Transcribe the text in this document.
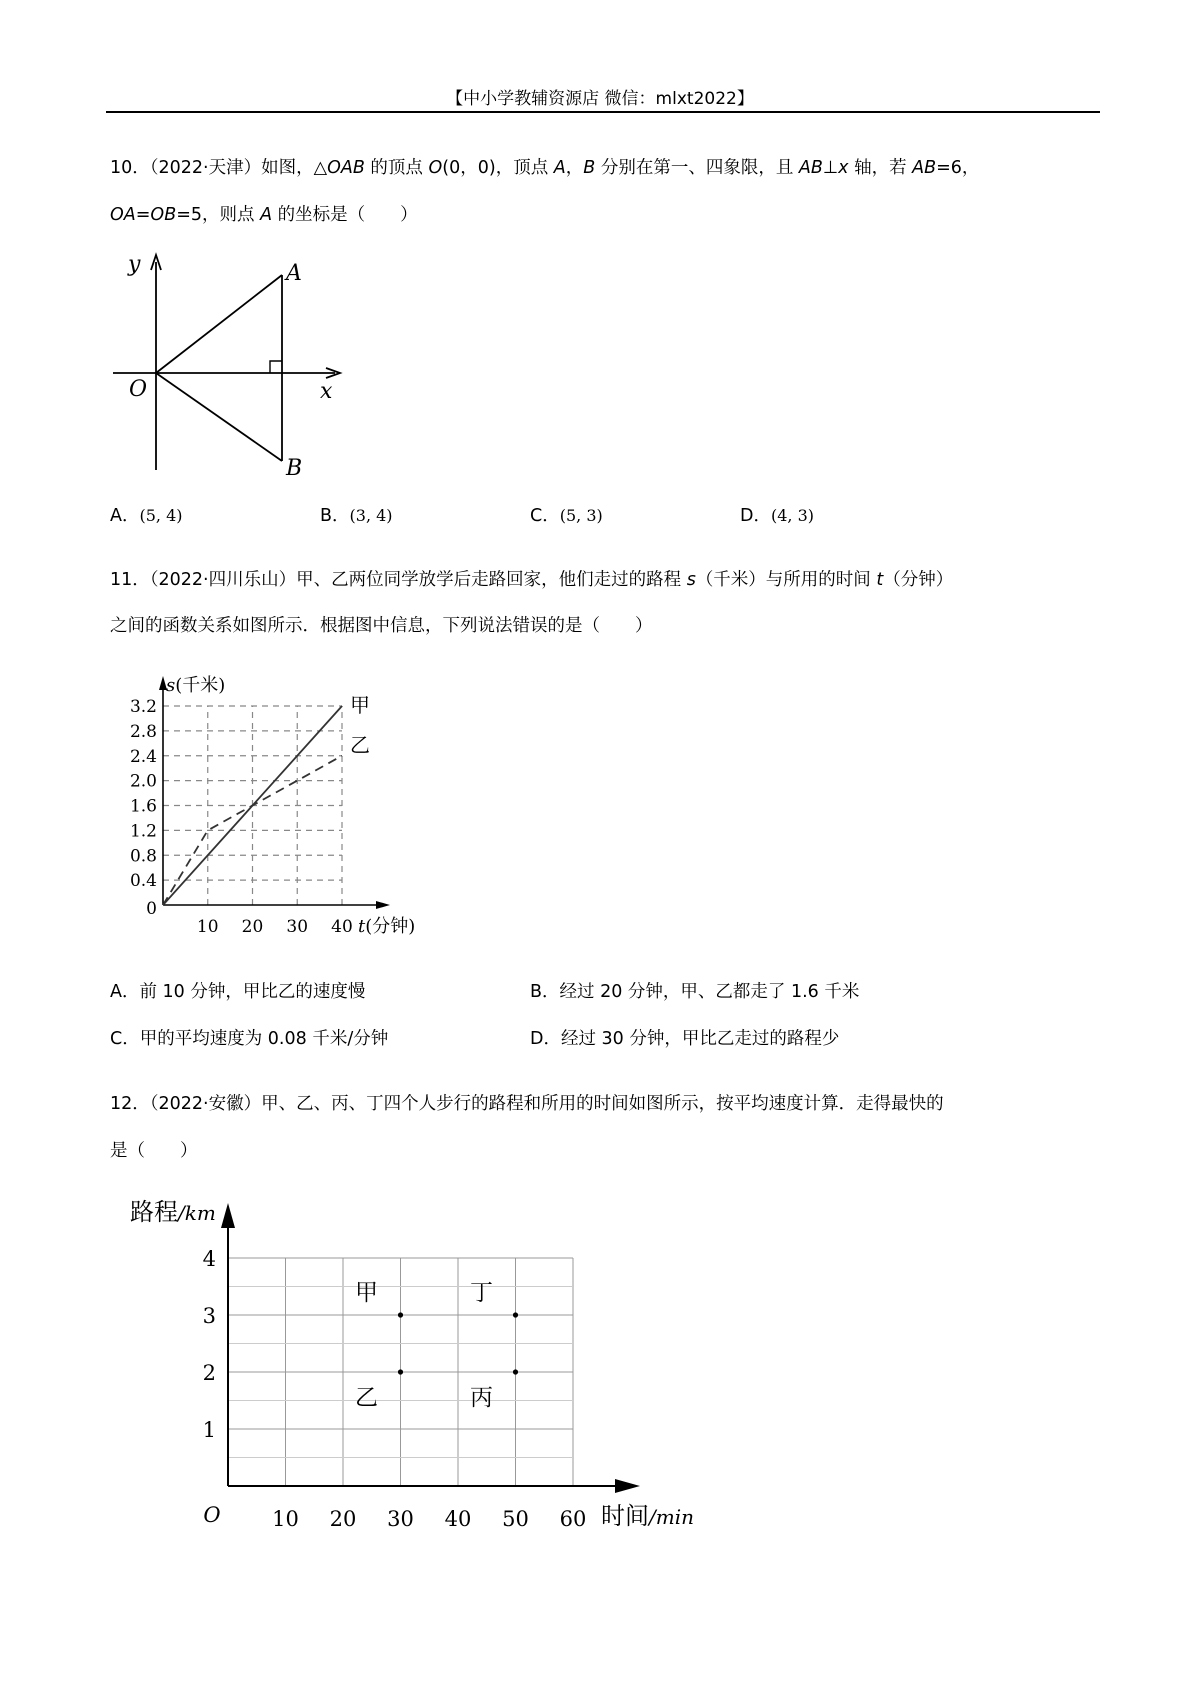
【中小学教辅资源店 微信：mlxt2022】
10．（2022·天津）如图，△OAB 的顶点 O(0，0)，顶点 A，B 分别在第一、四象限，且 AB⊥x 轴，若 AB=6，
OA=OB=5，则点 A 的坐标是（　　）
y
x
O
A
B
A．(5, 4)	B．(3, 4)	C．(5, 3)	D．(4, 3)
11．（2022·四川乐山）甲、乙两位同学放学后走路回家，他们走过的路程 s（千米）与所用的时间 t（分钟）
之间的函数关系如图所示．根据图中信息，下列说法错误的是（　　）
0.4
0.8
1.2
1.6
2.0
2.4
2.8
3.2
0
10 20 30 40
s(千米)
t(分钟)
甲
乙
A．前 10 分钟，甲比乙的速度慢	B．经过 20 分钟，甲、乙都走了 1.6 千米
C．甲的平均速度为 0.08 千米/分钟	D．经过 30 分钟，甲比乙走过的路程少
12．（2022·安徽）甲、乙、丙、丁四个人步行的路程和所用的时间如图所示，按平均速度计算．走得最快的
是（　　）
1
2
3
4
10 20 30 40 50 60
O
路程/km
时间/min
甲
乙
丁
丙
